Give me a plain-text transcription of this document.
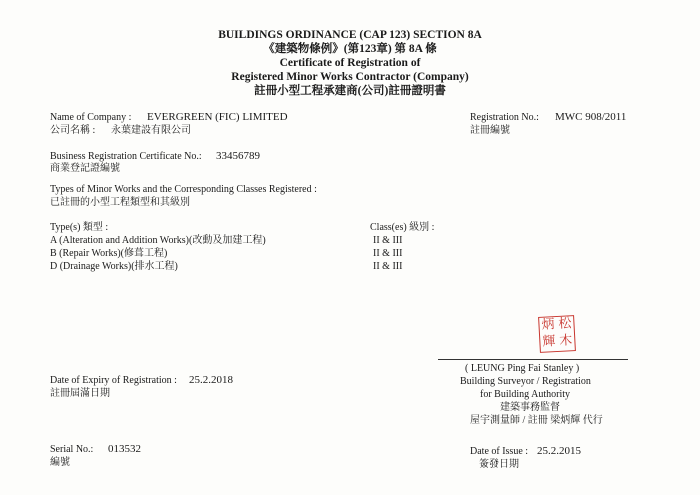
BUILDINGS ORDINANCE (CAP 123) SECTION 8A
《建築物條例》(第123章) 第 8A 條
Certificate of Registration of
Registered Minor Works Contractor (Company)
註冊小型工程承建商(公司)註冊證明書
Name of Company : EVERGREEN (FIC) LIMITED
公司名稱 : 永葉建設有限公司
Registration No.: MWC 908/2011
註冊編號
Business Registration Certificate No.: 33456789
商業登記證編號
Types of Minor Works and the Corresponding Classes Registered :
已註冊的小型工程類型和其級別
Type(s) 類型 :	Class(es) 級別 :
A (Alteration and Addition Works)(改動及加建工程)	II & III
B (Repair Works)(修葺工程)	II & III
D (Drainage Works)(排水工程)	II & III
炳 松
輝 木
( LEUNG Ping Fai Stanley )
Building Surveyor / Registration
for Building Authority
建築事務監督
屋宇測量師 / 註冊 梁炳輝 代行
Date of Expiry of Registration : 25.2.2018
註冊屆滿日期
Serial No.: 013532
編號
Date of Issue : 25.2.2015
簽發日期
